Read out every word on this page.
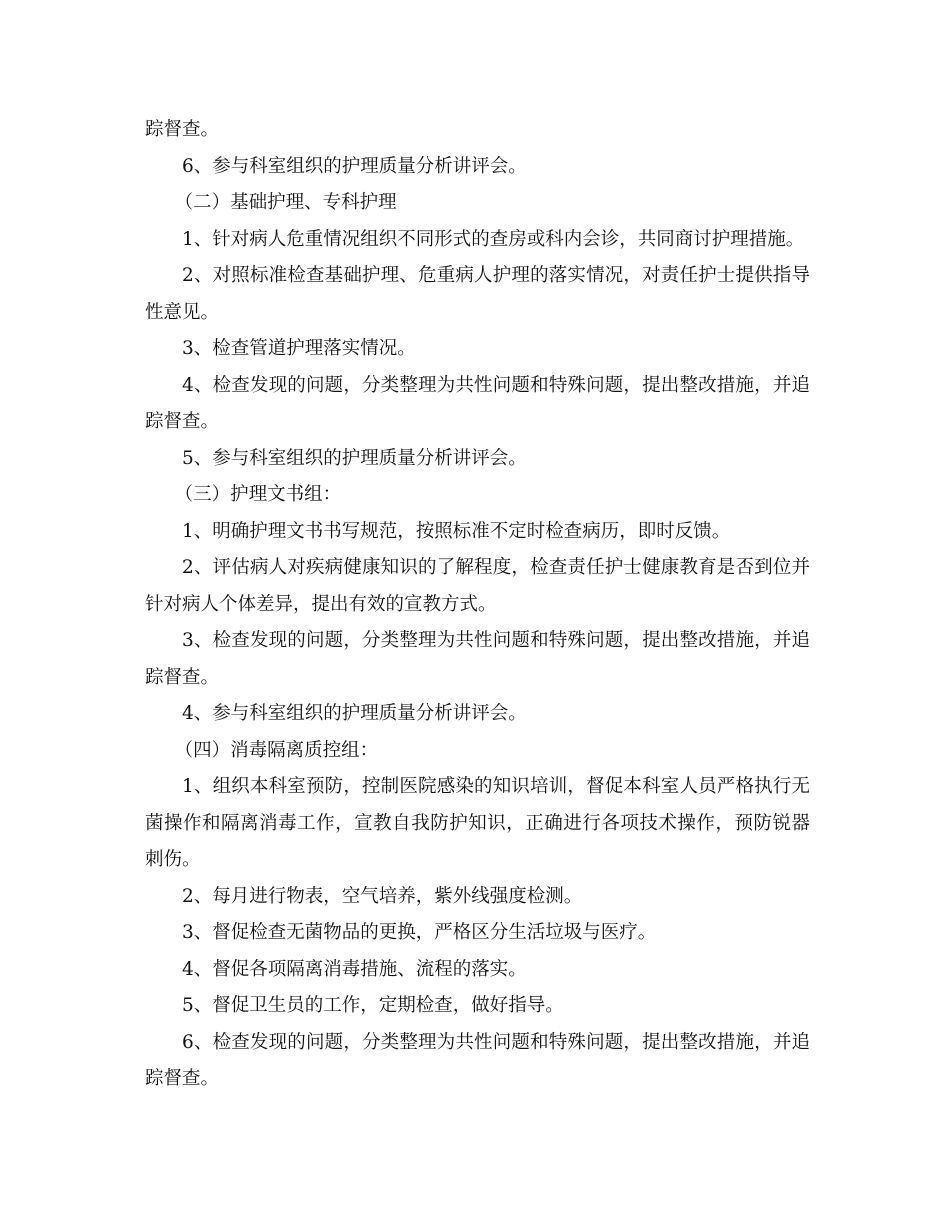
踪督查。

6、参与科室组织的护理质量分析讲评会。

（二）基础护理、专科护理

1、针对病人危重情况组织不同形式的查房或科内会诊，共同商讨护理措施。

2、对照标准检查基础护理、危重病人护理的落实情况，对责任护士提供指导性意见。

3、检查管道护理落实情况。

4、检查发现的问题，分类整理为共性问题和特殊问题，提出整改措施，并追踪督查。

5、参与科室组织的护理质量分析讲评会。

（三）护理文书组：

1、明确护理文书书写规范，按照标准不定时检查病历，即时反馈。

2、评估病人对疾病健康知识的了解程度，检查责任护士健康教育是否到位并针对病人个体差异，提出有效的宣教方式。

3、检查发现的问题，分类整理为共性问题和特殊问题，提出整改措施，并追踪督查。

4、参与科室组织的护理质量分析讲评会。

（四）消毒隔离质控组：

1、组织本科室预防，控制医院感染的知识培训，督促本科室人员严格执行无菌操作和隔离消毒工作，宣教自我防护知识，正确进行各项技术操作，预防锐器刺伤。

2、每月进行物表，空气培养，紫外线强度检测。

3、督促检查无菌物品的更换，严格区分生活垃圾与医疗。

4、督促各项隔离消毒措施、流程的落实。

5、督促卫生员的工作，定期检查，做好指导。

6、检查发现的问题，分类整理为共性问题和特殊问题，提出整改措施，并追踪督查。
